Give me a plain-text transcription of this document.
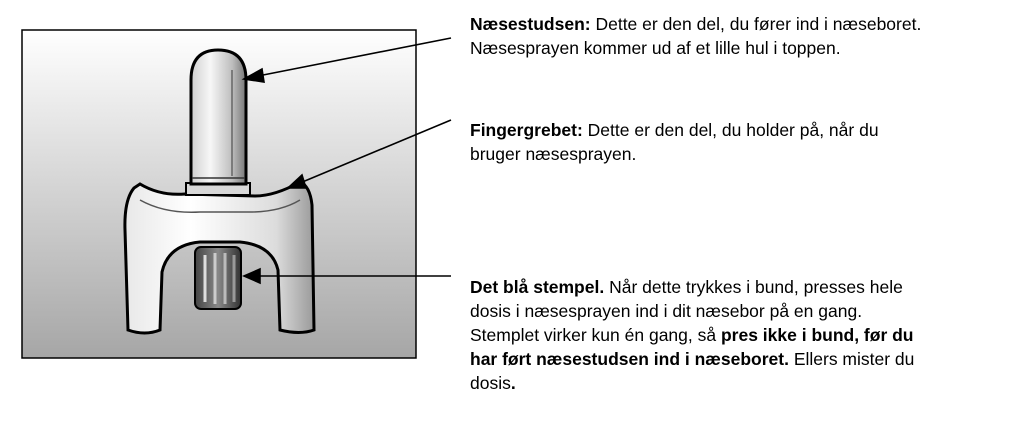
Næsestudsen: Dette er den del, du fører ind i næseboret.
Næsesprayen kommer ud af et lille hul i toppen.
Fingergrebet: Dette er den del, du holder på, når du
bruger næsesprayen.
Det blå stempel. Når dette trykkes i bund, presses hele
dosis i næsesprayen ind i dit næsebor på en gang.
Stemplet virker kun én gang, så pres ikke i bund, før du
har ført næsestudsen ind i næseboret. Ellers mister du
dosis.
